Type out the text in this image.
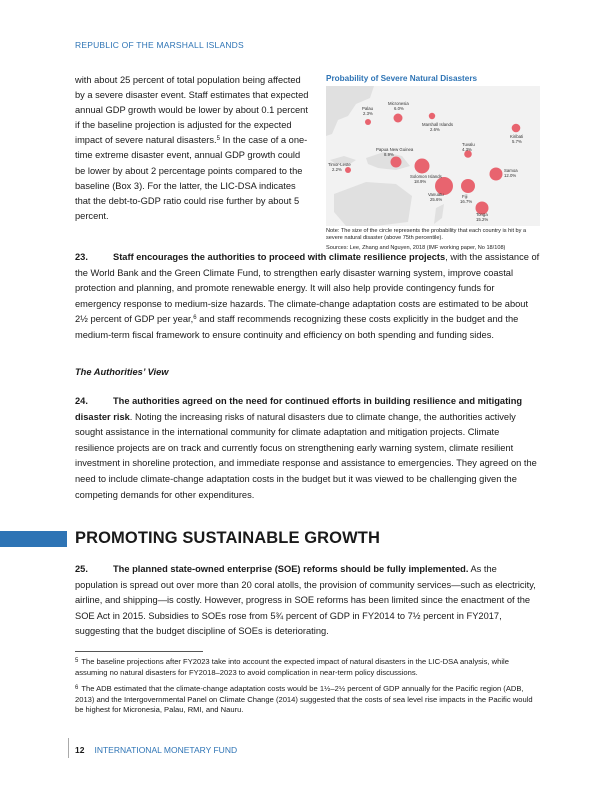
REPUBLIC OF THE MARSHALL ISLANDS
with about 25 percent of total population being affected by a severe disaster event. Staff estimates that expected annual GDP growth would be lower by about 0.1 percent if the baseline projection is adjusted for the expected impact of severe natural disasters.$^5$ In the case of a one-time extreme disaster event, annual GDP growth could be lower by about 2 percentage points compared to the baseline (Box 3). For the latter, the LIC-DSA indicates that the debt-to-GDP ratio could rise further by about 5 percent.
Probability of Severe Natural Disasters
Palau
2.3%
Micronesia
6.0%
Marshall Islands
2.6%
Kiribati
5.7%
Timor-Leste
2.2%
Papua New Guinea
8.9%
Solomon Islands
18.9%
Tuvalu
4.3%
Samoa
12.0%
Vanuatu
25.6%
Fiji
16.7%
Tonga
15.2%
Note: The size of the circle represents the probability that each country is hit by a severe natural disaster (above 75th percentile).
Sources: Lee, Zhang and Nguyen, 2018 (IMF working paper, No 18/108)
23.	Staff encourages the authorities to proceed with climate resilience projects, with the assistance of the World Bank and the Green Climate Fund, to strengthen early disaster warning system, improve coastal protection and planning, and promote renewable energy. It will also help provide contingency funds for emergency response to medium-size hazards. The climate-change adaptation costs are estimated to be about 2½ percent of GDP per year,$^6$ and staff recommends recognizing these costs explicitly in the budget and the medium-term fiscal framework to ensure continuity and efficiency on both spending and funding sides.
The Authorities’ View
24.	The authorities agreed on the need for continued efforts in building resilience and mitigating disaster risk. Noting the increasing risks of natural disasters due to climate change, the authorities actively sought assistance in the international community for climate adaptation and mitigation projects. Climate resilience projects are on track and currently focus on strengthening early warning system, climate resilient investment in shoreline protection, and immediate response and assistance to emergencies. They agreed on the need to include climate-change adaptation costs in the budget but it was viewed to be challenging given the competing demands for other expenditures.
PROMOTING SUSTAINABLE GROWTH
25.	The planned state-owned enterprise (SOE) reforms should be fully implemented. As the population is spread out over more than 20 coral atolls, the provision of community services—such as electricity, airline, and shipping—is costly. However, progress in SOE reforms has been limited since the enactment of the SOE Act in 2015. Subsidies to SOEs rose from 5¾ percent of GDP in FY2014 to 7½ percent in FY2017, suggesting that the budget discipline of SOEs is deteriorating.
$^5$ The baseline projections after FY2023 take into account the expected impact of natural disasters in the LIC-DSA analysis, while assuming no natural disasters for FY2018–2023 to avoid complication in near-term policy discussions.
$^6$ The ADB estimated that the climate-change adaptation costs would be 1½–2½ percent of GDP annually for the Pacific region (ADB, 2013) and the Intergovernmental Panel on Climate Change (2014) suggested that the costs of sea level rise impacts in the Pacific would be highest for Micronesia, Palau, RMI, and Nauru.
12 INTERNATIONAL MONETARY FUND
